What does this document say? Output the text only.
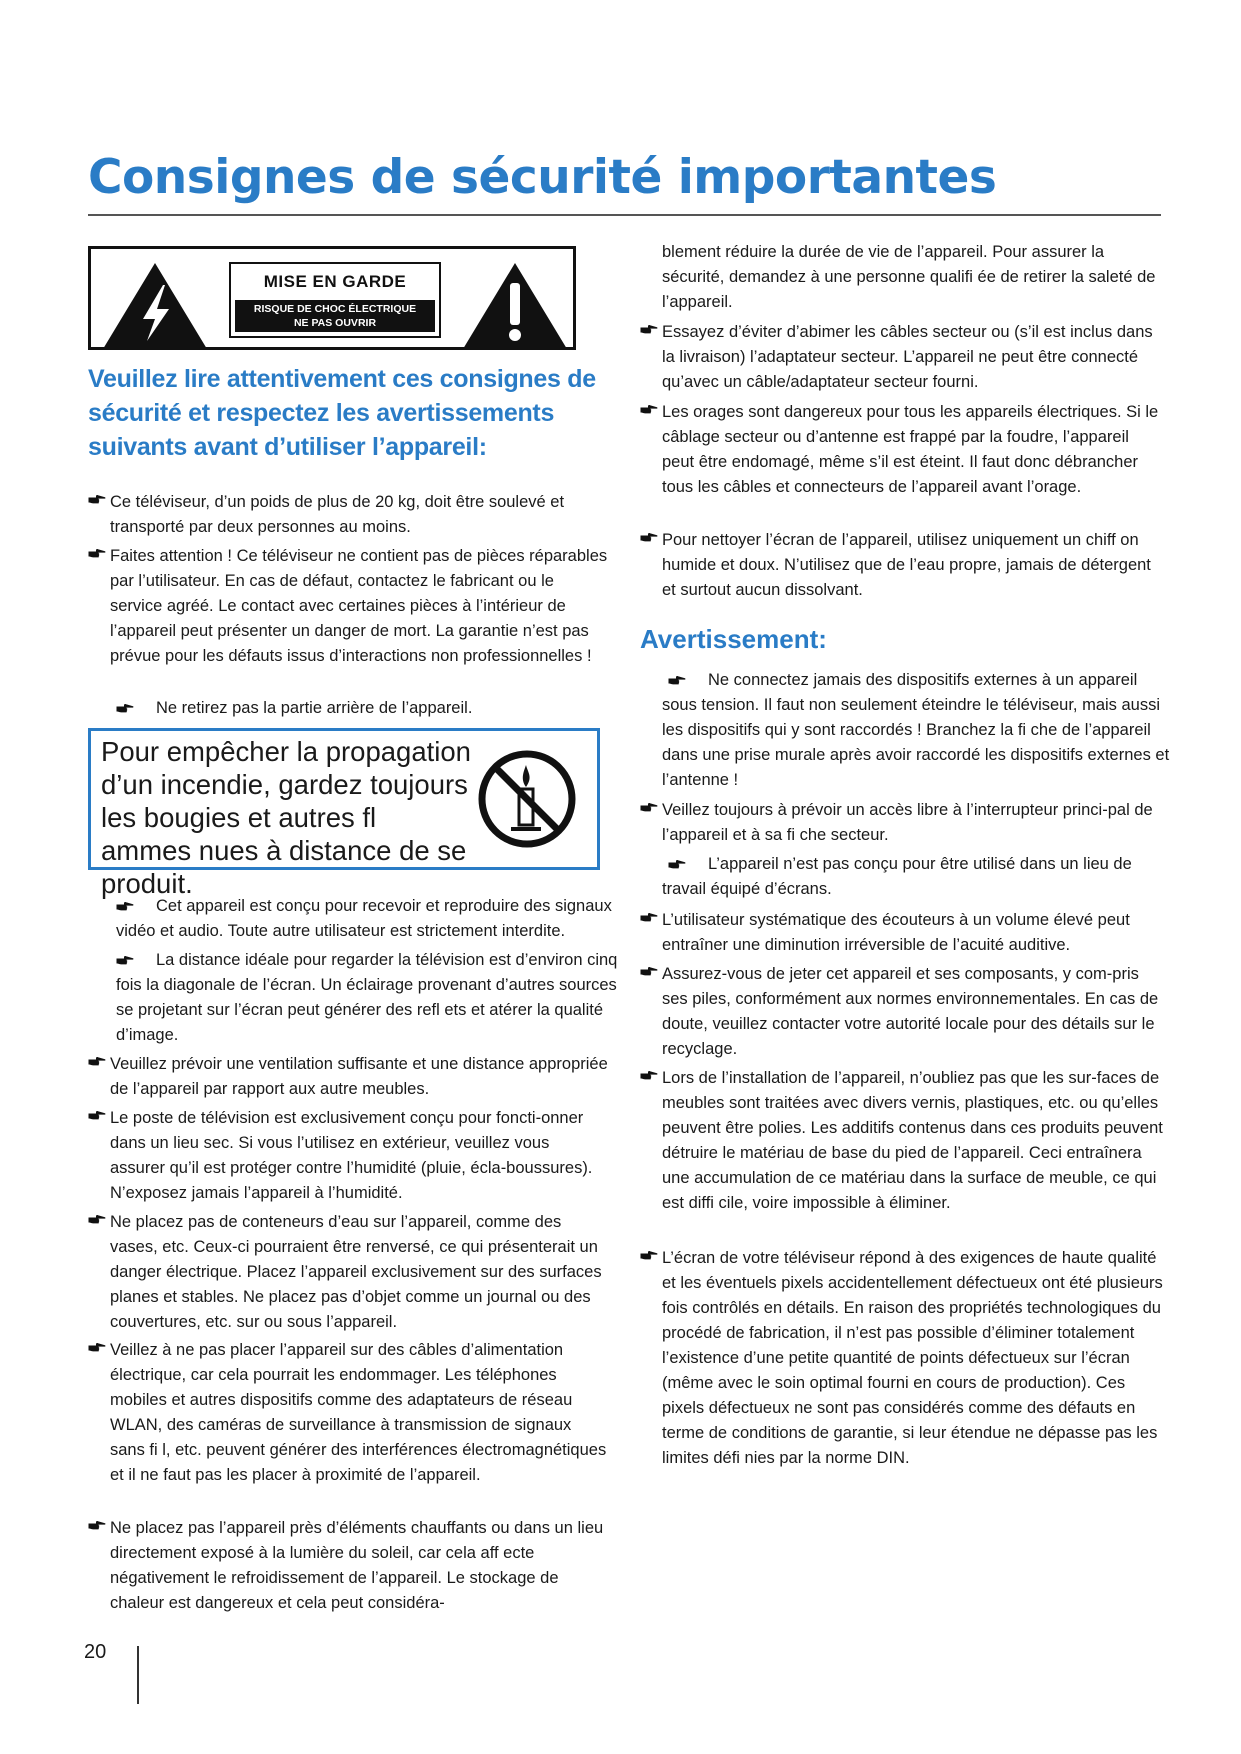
Consignes de sécurité importantes
MISE EN GARDE
RISQUE DE CHOC ÉLECTRIQUE
NE PAS OUVRIR

Veuillez lire attentivement ces consignes de sécurité et respectez les avertissements suivants avant d’utiliser l’appareil:

Ce téléviseur, d’un poids de plus de 20 kg, doit être soulevé et transporté par deux personnes au moins.
Faites attention ! Ce téléviseur ne contient pas de pièces réparables par l’utilisateur. En cas de défaut, contactez le fabricant ou le service agréé. Le contact avec certaines pièces à l’intérieur de l’appareil peut présenter un danger de mort. La garantie n’est pas prévue pour les défauts issus d’interactions non professionnelles !
Ne retirez pas la partie arrière de l’appareil.
Pour empêcher la propagation d’un incendie, gardez toujours les bougies et autres fl ammes nues à distance de se produit.
Cet appareil est conçu pour recevoir et reproduire des signaux vidéo et audio. Toute autre utilisateur est strictement interdite.
La distance idéale pour regarder la télévision est d’environ cinq fois la diagonale de l’écran. Un éclairage provenant d’autres sources se projetant sur l’écran peut générer des refl ets et atérer la qualité d’image.
Veuillez prévoir une ventilation suffisante et une distance appropriée de l’appareil par rapport aux autre meubles.
Le poste de télévision est exclusivement conçu pour foncti-onner dans un lieu sec. Si vous l’utilisez en extérieur, veuillez vous assurer qu’il est protéger contre l’humidité (pluie, écla-boussures). N’exposez jamais l’appareil à l’humidité.
Ne placez pas de conteneurs d’eau sur l’appareil, comme des vases, etc. Ceux-ci pourraient être renversé, ce qui présenterait un danger électrique. Placez l’appareil exclusivement sur des surfaces planes et stables. Ne placez pas d’objet comme un journal ou des couvertures, etc. sur ou sous l’appareil.
Veillez à ne pas placer l’appareil sur des câbles d’alimentation électrique, car cela pourrait les endommager. Les téléphones mobiles et autres dispositifs comme des adaptateurs de réseau WLAN, des caméras de surveillance à transmission de signaux sans fi l, etc. peuvent générer des interférences électromagnétiques et il ne faut pas les placer à proximité de l’appareil.
Ne placez pas l’appareil près d’éléments chauffants ou dans un lieu directement exposé à la lumière du soleil, car cela aff ecte négativement le refroidissement de l’appareil. Le stockage de chaleur est dangereux et cela peut considéra-
blement réduire la durée de vie de l’appareil. Pour assurer la sécurité, demandez à une personne qualifi ée de retirer la saleté de l’appareil.
Essayez d’éviter d’abimer les câbles secteur ou (s’il est inclus dans la livraison) l’adaptateur secteur. L’appareil ne peut être connecté qu’avec un câble/adaptateur secteur fourni.
Les orages sont dangereux pour tous les appareils électriques. Si le câblage secteur ou d’antenne est frappé par la foudre, l’appareil peut être endomagé, même s’il est éteint. Il faut donc débrancher tous les câbles et connecteurs de l’appareil avant l’orage.
Pour nettoyer l’écran de l’appareil, utilisez uniquement un chiff on humide et doux. N’utilisez que de l’eau propre, jamais de détergent et surtout aucun dissolvant.
Avertissement:
Ne connectez jamais des dispositifs externes à un appareil sous tension. Il faut non seulement éteindre le téléviseur, mais aussi les dispositifs qui y sont raccordés ! Branchez la fi che de l’appareil dans une prise murale après avoir raccordé les dispositifs externes et l’antenne !
Veillez toujours à prévoir un accès libre à l’interrupteur princi-pal de l’appareil et à sa fi che secteur.
L’appareil n’est pas conçu pour être utilisé dans un lieu de travail équipé d’écrans.
L’utilisateur systématique des écouteurs à un volume élevé peut entraîner une diminution irréversible de l’acuité auditive.
Assurez-vous de jeter cet appareil et ses composants, y com-pris ses piles, conformément aux normes environnementales. En cas de doute, veuillez contacter votre autorité locale pour des détails sur le recyclage.
Lors de l’installation de l’appareil, n’oubliez pas que les sur-faces de meubles sont traitées avec divers vernis, plastiques, etc. ou qu’elles peuvent être polies. Les additifs contenus dans ces produits peuvent détruire le matériau de base du pied de l’appareil. Ceci entraînera une accumulation de ce matériau dans la surface de meuble, ce qui est diffi cile, voire impossible à éliminer.
L’écran de votre téléviseur répond à des exigences de haute qualité et les éventuels pixels accidentellement défectueux ont été plusieurs fois contrôlés en détails. En raison des propriétés technologiques du procédé de fabrication, il n’est pas possible d’éliminer totalement l’existence d’une petite quantité de points défectueux sur l’écran (même avec le soin optimal fourni en cours de production). Ces pixels défectueux ne sont pas considérés comme des défauts en terme de conditions de garantie, si leur étendue ne dépasse pas les limites défi nies par la norme DIN.
20
